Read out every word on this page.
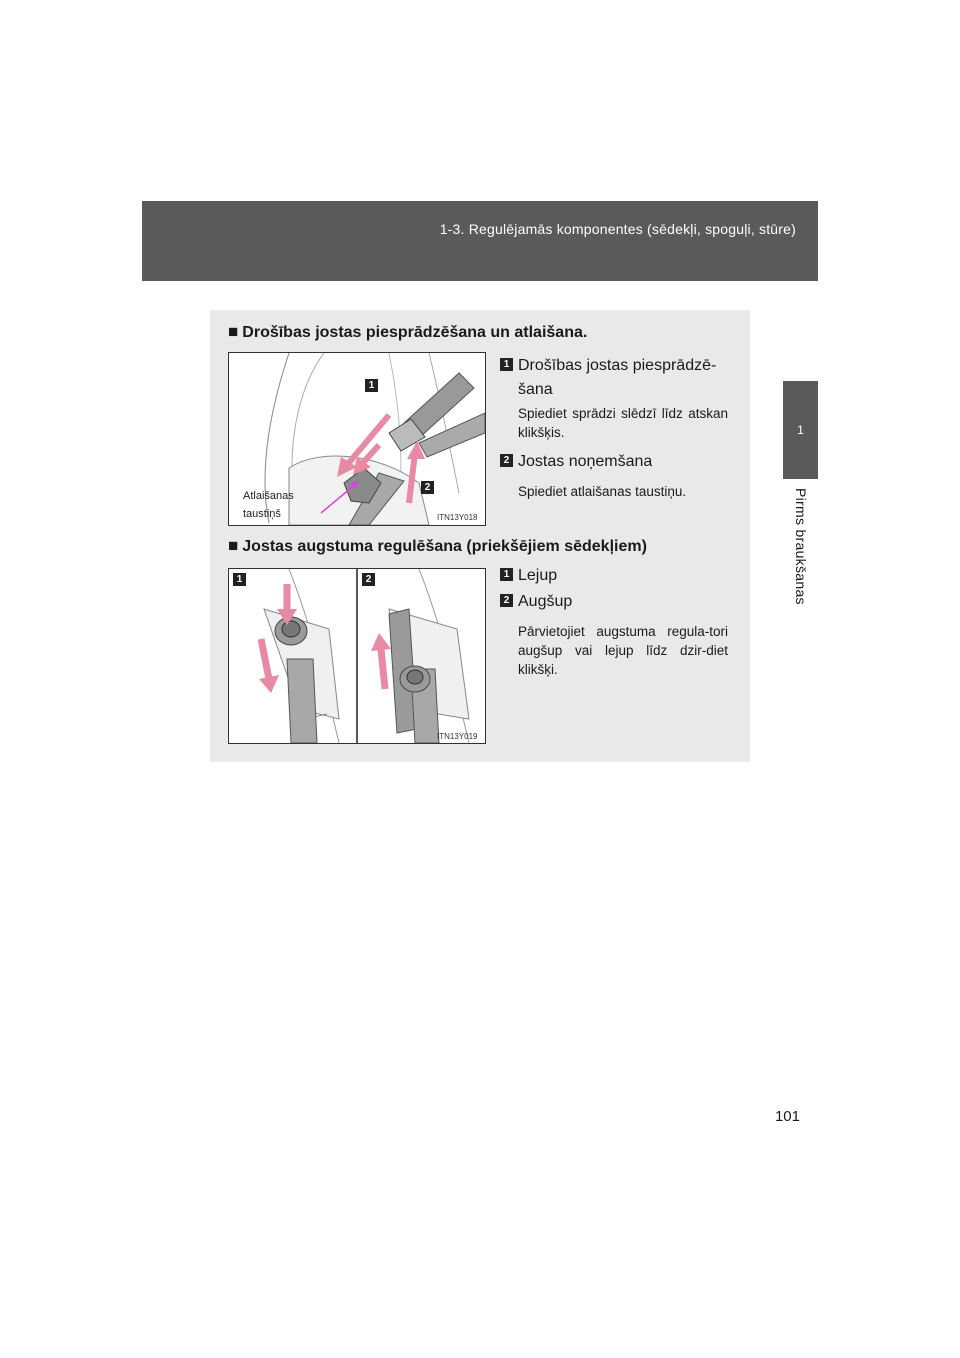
1-3. Regulējamās komponentes (sēdekļi, spoguļi, stūre)
1
Pirms braukšanas
■ Drošības jostas piesprādzēšana un atlaišana.
1
2
Atlaišanas
taustiņš	ITN13Y018
1 Drošības jostas piesprādzē-šana
Spiediet sprādzi slēdzī līdz atskan klikšķis.
2 Jostas noņemšana
Spiediet atlaišanas taustiņu.
■ Jostas augstuma regulēšana (priekšējiem sēdekļiem)
1	2
ITN13Y019
1 Lejup
2 Augšup
Pārvietojiet augstuma regula-tori augšup vai lejup līdz dzir-diet klikšķi.
101
